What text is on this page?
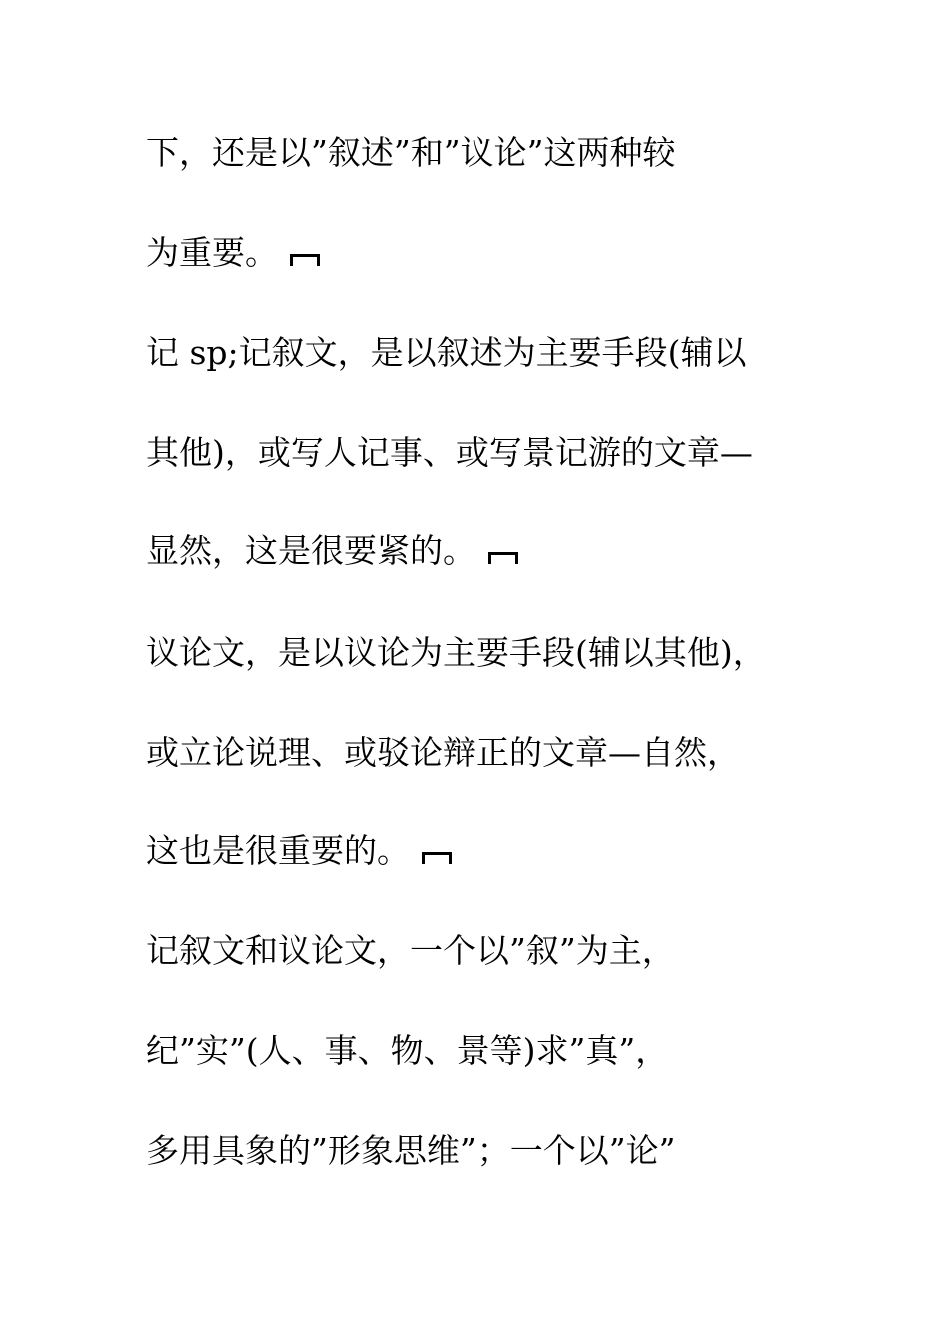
下，还是以”叙述”和”议论”这两种较
为重要。
记 sp;记叙文，是以叙述为主要手段(辅以
其他)，或写人记事、或写景记游的文章—
显然，这是很要紧的。
议论文，是以议论为主要手段(辅以其他)，
或立论说理、或驳论辩正的文章—自然，
这也是很重要的。
记叙文和议论文，一个以”叙”为主，
纪”实”(人、事、物、景等)求”真”，
多用具象的”形象思维”；一个以”论”
